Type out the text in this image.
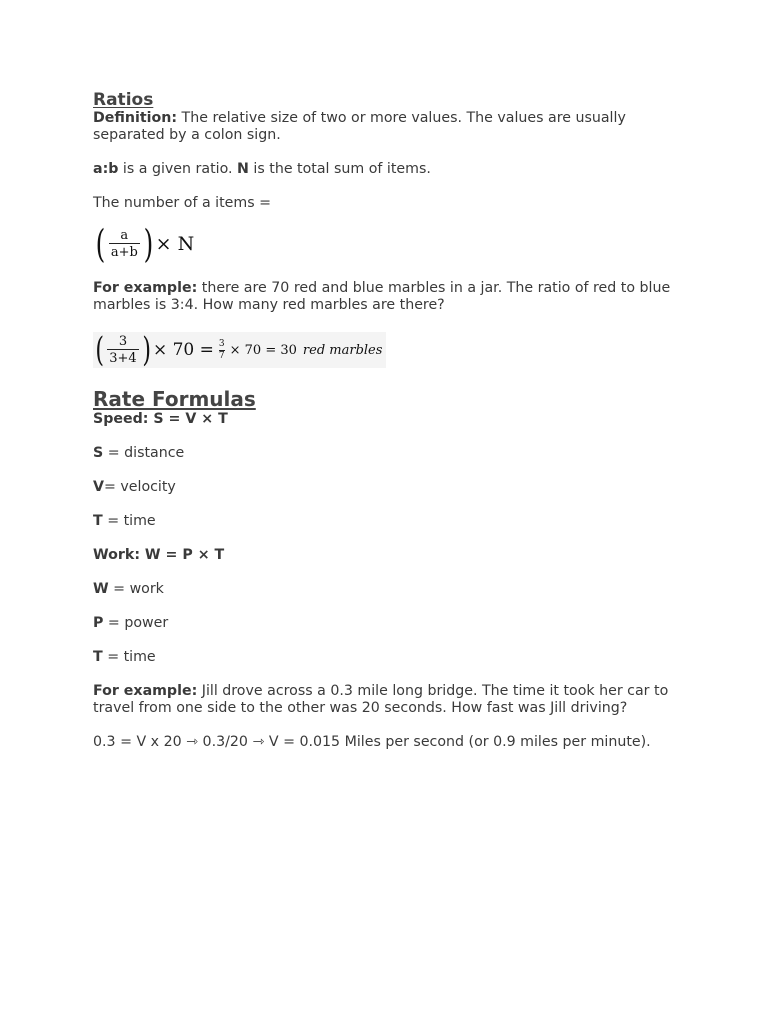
Ratios

Definition: The relative size of two or more values. The values are usually separated by a colon sign.

a:b is a given ratio. N is the total sum of items.

The number of a items =

( $\frac{a}{a+b}$ ) × N

For example: there are 70 red and blue marbles in a jar. The ratio of red to blue marbles is 3:4. How many red marbles are there?

( $\frac{3}{3+4}$ ) × $70 = \frac{3}{7} \times 70 = 30$ red marbles
Rate Formulas

Speed: S = V × T

S = distance

V= velocity

T = time

Work: W = P × T

W = work

P = power

T = time

For example: Jill drove across a 0.3 mile long bridge. The time it took her car to travel from one side to the other was 20 seconds. How fast was Jill driving?

0.3 = V x 20 ⇾ 0.3/20 ⇾ V = 0.015 Miles per second (or 0.9 miles per minute).
